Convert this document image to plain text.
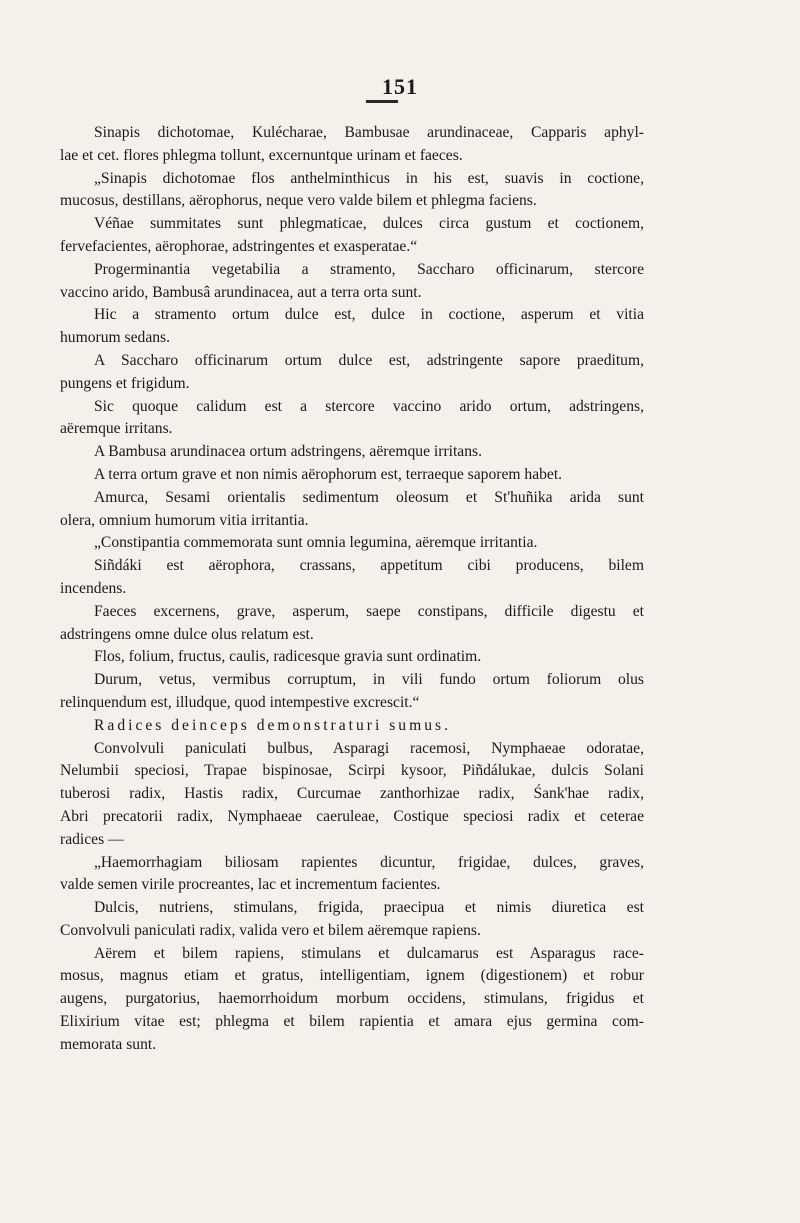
151
Sinapis dichotomae, Kulécharae, Bambusae arundinaceae, Capparis aphyl-
lae et cet. flores phlegma tollunt, excernuntque urinam et faeces.
„Sinapis dichotomae flos anthelminthicus in his est, suavis in coctione,
mucosus, destillans, aërophorus, neque vero valde bilem et phlegma faciens.
Véñae summitates sunt phlegmaticae, dulces circa gustum et coctionem,
fervefacientes, aërophorae, adstringentes et exasperatae.“
Progerminantia vegetabilia a stramento, Saccharo officinarum, stercore
vaccino arido, Bambusâ arundinacea, aut a terra orta sunt.
Hic a stramento ortum dulce est, dulce in coctione, asperum et vitia
humorum sedans.
A Saccharo officinarum ortum dulce est, adstringente sapore praeditum,
pungens et frigidum.
Sic quoque calidum est a stercore vaccino arido ortum, adstringens,
aëremque irritans.
A Bambusa arundinacea ortum adstringens, aëremque irritans.
A terra ortum grave et non nimis aërophorum est, terraeque saporem habet.
Amurca, Sesami orientalis sedimentum oleosum et St'huñika arida sunt
olera, omnium humorum vitia irritantia.
„Constipantia commemorata sunt omnia leguminа, aëremque irritantia.
Siñdáki est aërophora, crassans, appetitum cibi producens, bilem
incendens.
Faeces excernens, grave, asperum, saepe constipans, difficile digestu et
adstringens omne dulce olus relatum est.
Flos, folium, fructus, caulis, radicesque gravia sunt ordinatim.
Durum, vetus, vermibus corruptum, in vili fundo ortum foliorum olus
relinquendum est, illudque, quod intempestive excrescit.“
Radices deinceps demonstraturi sumus.
Convolvuli paniculati bulbus, Asparagi racemosi, Nymphaeae odoratae,
Nelumbii speciosi, Trapae bispinosae, Scirpi kysoor, Piñdálukae, dulcis Solani
tuberosi radix, Hastis radix, Curcumae zanthorhizae radix, Śank'hae radix,
Abri precatorii radix, Nymphaeae caeruleae, Costique speciosi radix et ceterae
radices —
„Haemorrhagiam biliosam rapientes dicuntur, frigidae, dulces, graves,
valde semen virile procreantes, lac et incrementum facientes.
Dulcis, nutriens, stimulans, frigida, praecipua et nimis diuretica est
Convolvuli paniculati radix, valida vero et bilem aëremque rapiens.
Aërem et bilem rapiens, stimulans et dulcamarus est Asparagus race-
mosus, magnus etiam et gratus, intelligentiam, ignem (digestionem) et robur
augens, purgatorius, haemorrhoidum morbum occidens, stimulans, frigidus et
Elixirium vitae est; phlegma et bilem rapientia et amara ejus germina com-
memorata sunt.
